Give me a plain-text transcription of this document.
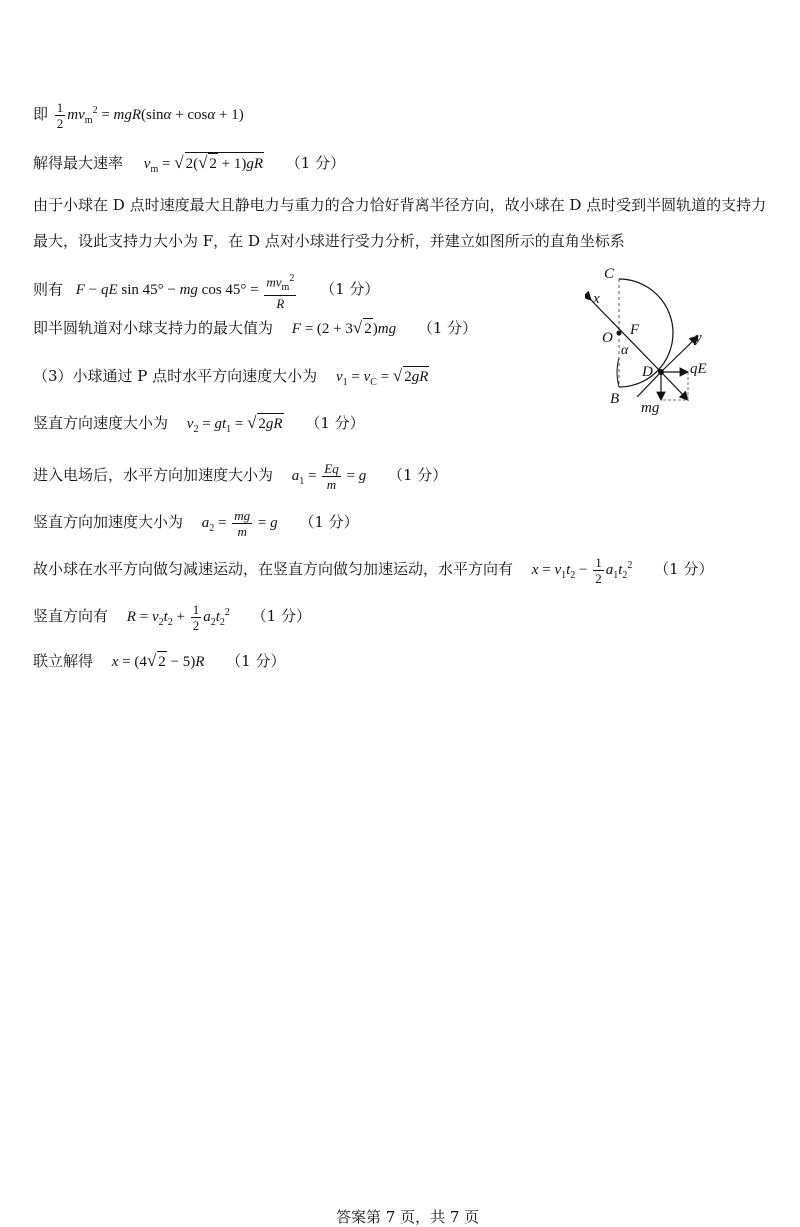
即 $\frac{1}{2} mv_m^2 = mgR(\sin\alpha + \cos\alpha + 1)$
解得最大速率 $v_m$ = √ 2(√ 2 + 1)gR （1 分）
由于小球在 D 点时速度最大且静电力与重力的合力恰好背离半径方向，故小球在 D 点时受到半圆轨道的支持力最大，设此支持力大小为 F，在 D 点对小球进行受力分析，并建立如图所示的直角坐标系
则有 F − qE sin 45° − mg $\cos 45^\circ = \frac{mv_m^2}{R} (1$ 分）
即半圆轨道对小球支持力的最大值为 F = (2 + 3√ 2)mg （1 分）
（3）小球通过 P 点时水平方向速度大小为 $v_1 = v_C$ = √ 2gR
竖直方向速度大小为 $v_2 = gt_1$ = √ 2gR （1 分）
进入电场后，水平方向加速度大小为 $a_1 = \frac{Eq}{m} = g$ （1 分）
竖直方向加速度大小为 $a_2 = \frac{mg}{m} = g$ （1 分）
故小球在水平方向做匀减速运动，在竖直方向做匀加速运动，水平方向有 $x = v_1t_2 - \frac{1}{2} a_1t_2^2$ （1 分）
竖直方向有 $R = v_2t_2 + \frac{1}{2} a_2t_2^2$ （1 分）
联立解得 x = (4√ 2 − 5)R （1 分）
C
x
O F
α
y
D qE
B
mg
答案第 7 页，共 7 页
